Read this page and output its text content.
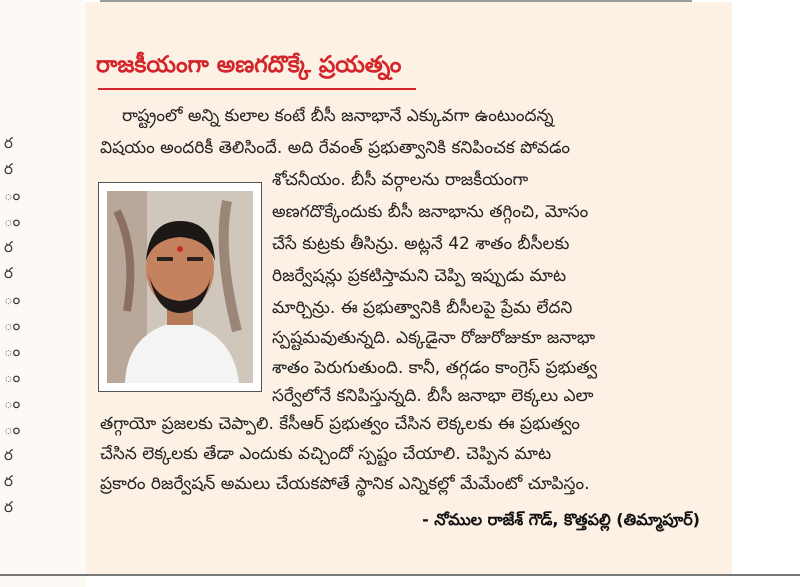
ర
ర
ం
ం
ర
ర
ం
ం
ం
ం
ం
ం
ర
ర
ర
రాజకీయంగా అణగదొక్కే ప్రయత్నం
రాష్ట్రంలో అన్ని కులాల కంటే బీసీ జనాభానే ఎక్కువగా ఉంటుందన్న
విషయం అందరికీ తెలిసిందే. అది రేవంత్ ప్రభుత్వానికి కనిపించక పోవడం
శోచనీయం. బీసీ వర్గాలను రాజకీయంగా
అణగదొక్కేందుకు బీసీ జనాభాను తగ్గించి, మోసం
చేసే కుట్రకు తీసిన్రు. అట్లనే 42 శాతం బీసీలకు
రిజర్వేషన్లు ప్రకటిస్తామని చెప్పి ఇప్పుడు మాట
మార్చిన్రు. ఈ ప్రభుత్వానికి బీసీలపై ప్రేమ లేదని
స్పష్టమవుతున్నది. ఎక్కడైనా రోజురోజుకూ జనాభా
శాతం పెరుగుతుంది. కానీ, తగ్గడం కాంగ్రెస్ ప్రభుత్వ
సర్వేలోనే కనిపిస్తున్నది. బీసీ జనాభా లెక్కలు ఎలా
తగ్గాయో ప్రజలకు చెప్పాలి. కేసీఆర్ ప్రభుత్వం చేసిన లెక్కలకు ఈ ప్రభుత్వం
చేసిన లెక్కలకు తేడా ఎందుకు వచ్చిందో స్పష్టం చేయాలి. చెప్పిన మాట
ప్రకారం రిజర్వేషన్ అమలు చేయకపోతే స్థానిక ఎన్నికల్లో మేమేంటో చూపిస్తం.
- నోముల రాజేశ్ గౌడ్, కొత్తపల్లి (తిమ్మాపూర్)
